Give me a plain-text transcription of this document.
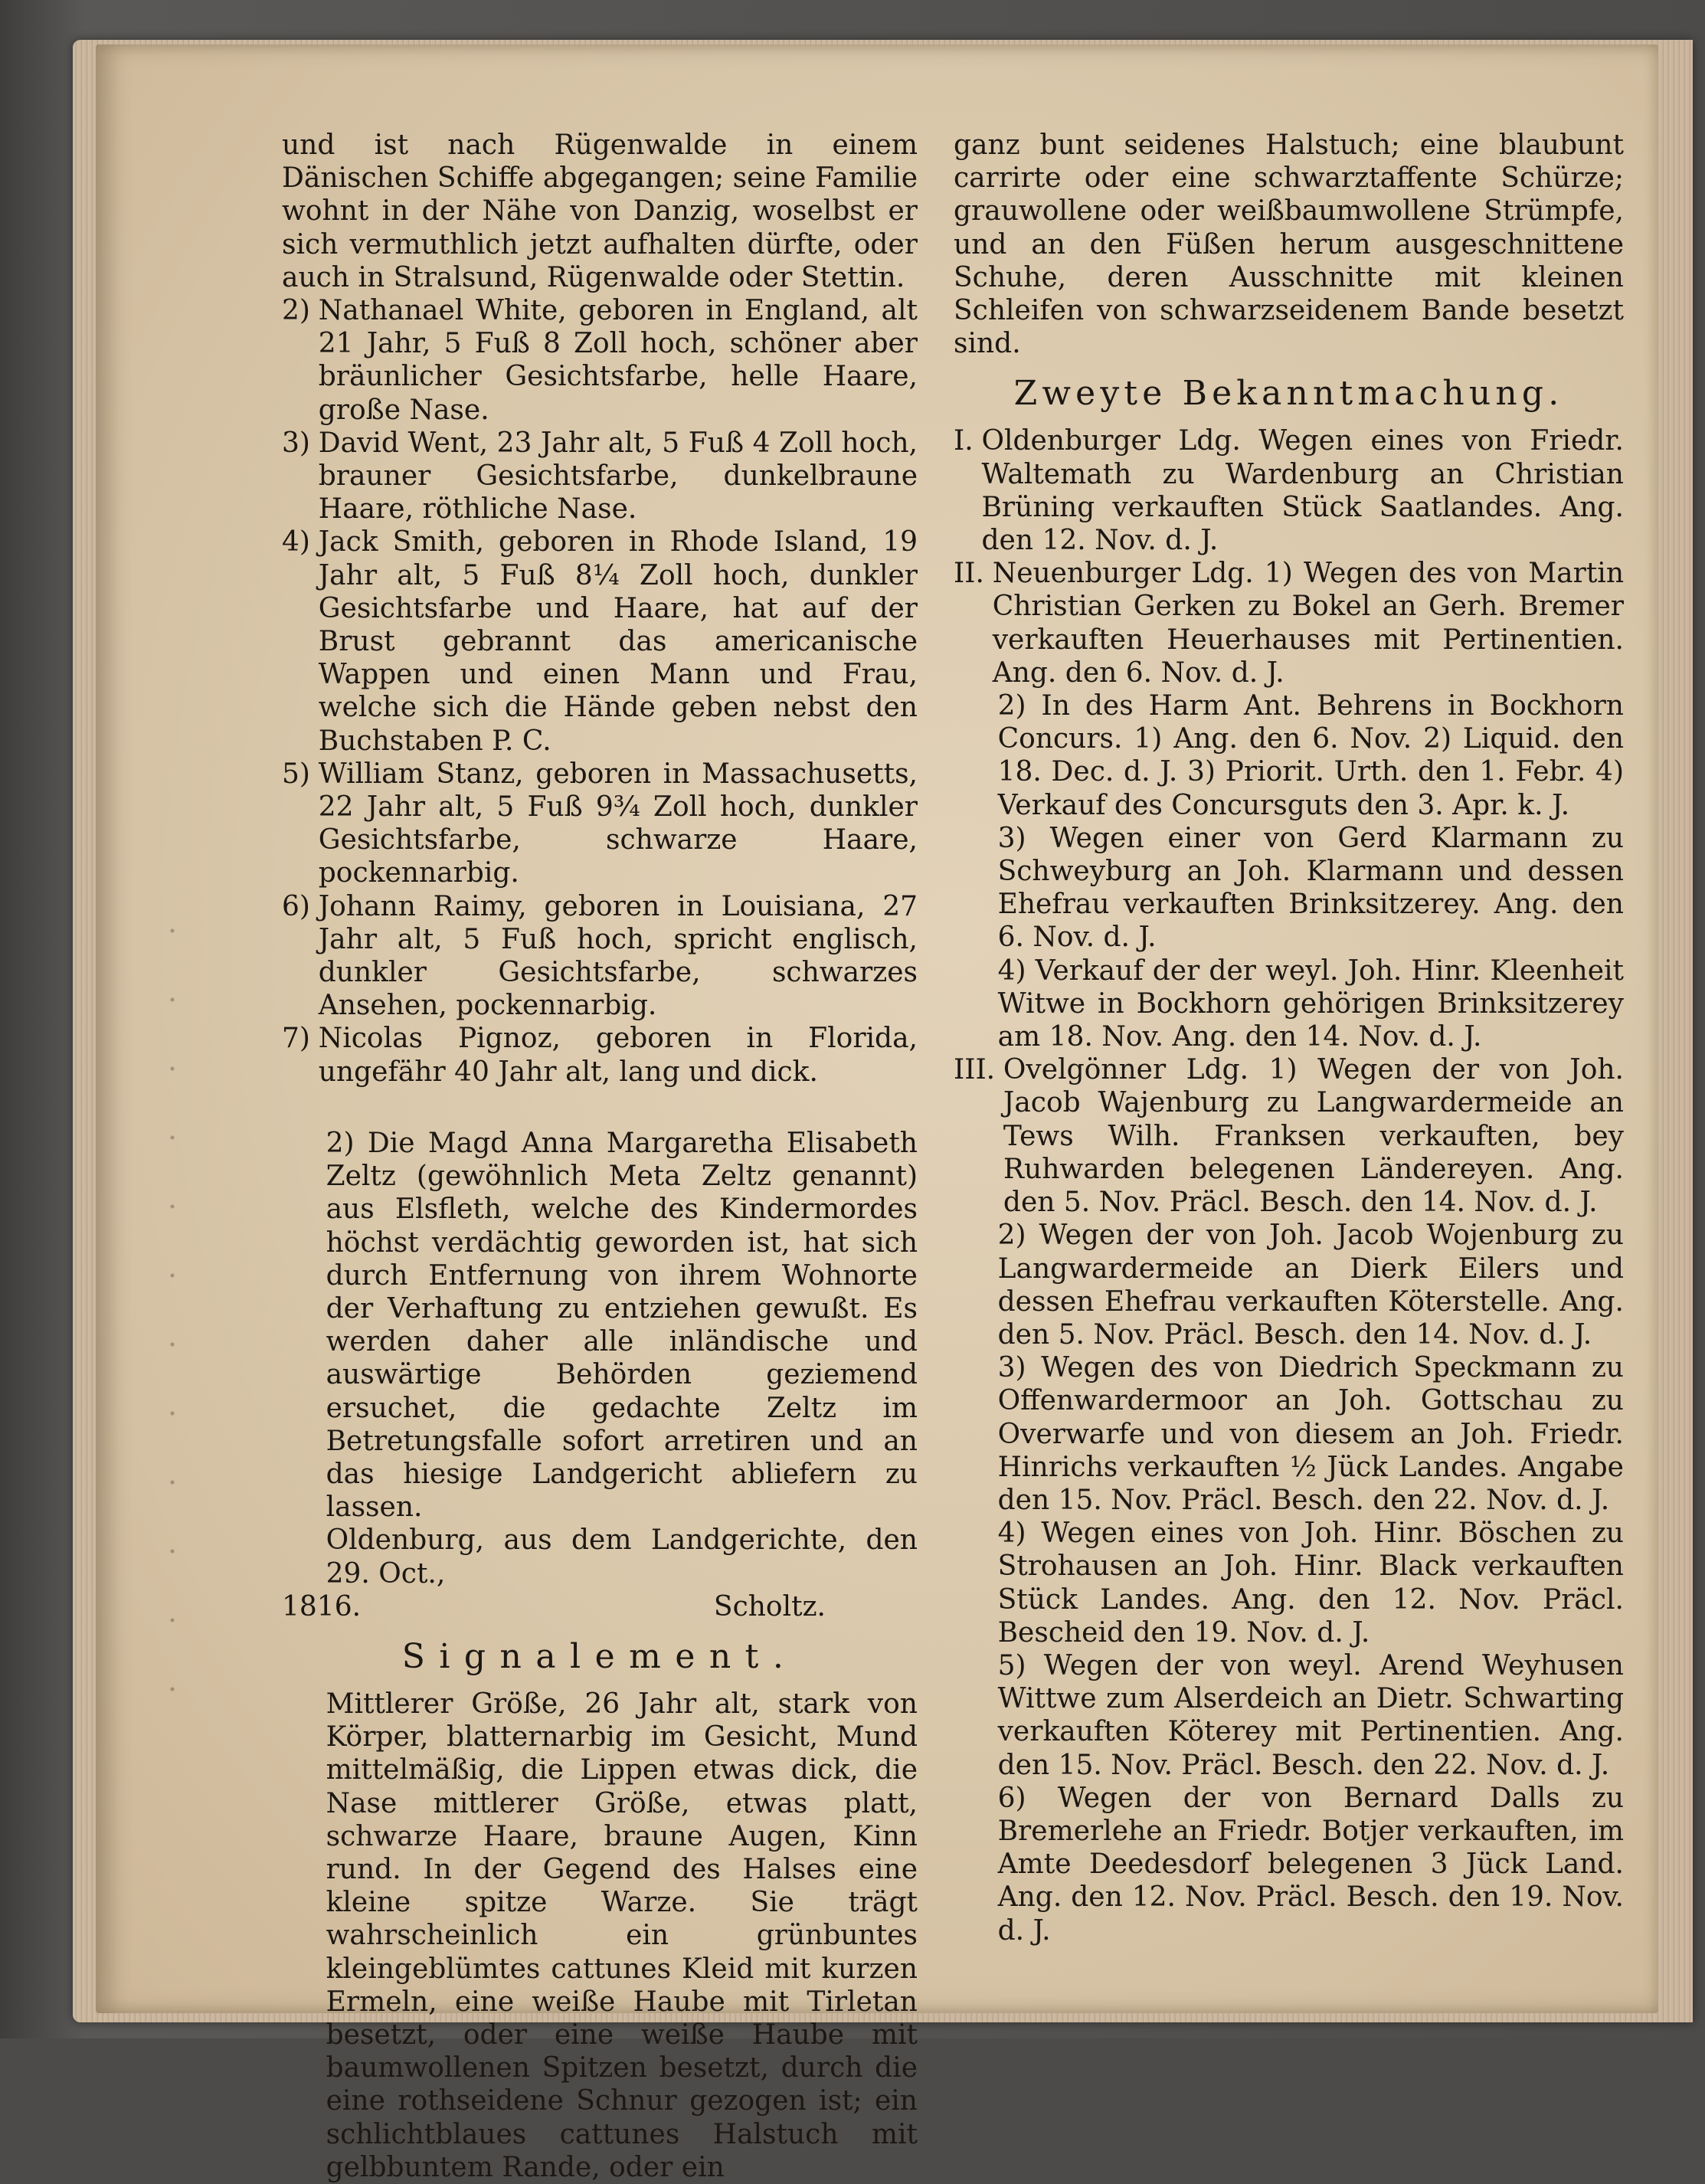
und ist nach Rügenwalde in einem Dänischen Schiffe abgegangen; seine Familie wohnt in der Nähe von Danzig, woselbst er sich vermuthlich jetzt aufhalten dürfte, oder auch in Stralsund, Rügenwalde oder Stettin.

2) Nathanael White, geboren in England, alt 21 Jahr, 5 Fuß 8 Zoll hoch, schöner aber bräunlicher Gesichtsfarbe, helle Haare, große Nase.
3) David Went, 23 Jahr alt, 5 Fuß 4 Zoll hoch, brauner Gesichtsfarbe, dunkelbraune Haare, röthliche Nase.
4) Jack Smith, geboren in Rhode Island, 19 Jahr alt, 5 Fuß 8¼ Zoll hoch, dunkler Gesichtsfarbe und Haare, hat auf der Brust gebrannt das americanische Wappen und einen Mann und Frau, welche sich die Hände geben nebst den Buchstaben P. C.
5) William Stanz, geboren in Massachusetts, 22 Jahr alt, 5 Fuß 9¾ Zoll hoch, dunkler Gesichtsfarbe, schwarze Haare, pockennarbig.
6) Johann Raimy, geboren in Louisiana, 27 Jahr alt, 5 Fuß hoch, spricht englisch, dunkler Gesichtsfarbe, schwarzes Ansehen, pockennarbig.
7) Nicolas Pignoz, geboren in Florida, ungefähr 40 Jahr alt, lang und dick.

2) Die Magd Anna Margaretha Elisabeth Zeltz (gewöhnlich Meta Zeltz genannt) aus Elsfleth, welche des Kindermordes höchst verdächtig geworden ist, hat sich durch Entfernung von ihrem Wohnorte der Verhaftung zu entziehen gewußt. Es werden daher alle inländische und auswärtige Behörden geziemend ersuchet, die gedachte Zeltz im Betretungsfalle sofort arretiren und an das hiesige Landgericht abliefern zu lassen.

Oldenburg, aus dem Landgerichte, den 29. Oct.,

1816.	Scholtz.
Signalement.

Mittlerer Größe, 26 Jahr alt, stark von Körper, blatternarbig im Gesicht, Mund mittelmäßig, die Lippen etwas dick, die Nase mittlerer Größe, etwas platt, schwarze Haare, braune Augen, Kinn rund. In der Gegend des Halses eine kleine spitze Warze. Sie trägt wahrscheinlich ein grünbuntes kleingeblümtes cattunes Kleid mit kurzen Ermeln, eine weiße Haube mit Tirletan besetzt, oder eine weiße Haube mit baumwollenen Spitzen besetzt, durch die eine rothseidene Schnur gezogen ist; ein schlichtblaues cattunes Halstuch mit gelbbuntem Rande, oder ein

ganz bunt seidenes Halstuch; eine blaubunt carrirte oder eine schwarztaffente Schürze; grauwollene oder weißbaumwollene Strümpfe, und an den Füßen herum ausgeschnittene Schuhe, deren Ausschnitte mit kleinen Schleifen von schwarzseidenem Bande besetzt sind.

Zweyte Bekanntmachung.
I. Oldenburger Ldg. Wegen eines von Friedr. Waltemath zu Wardenburg an Christian Brüning verkauften Stück Saatlandes. Ang. den 12. Nov. d. J.
II. Neuenburger Ldg. 1) Wegen des von Martin Christian Gerken zu Bokel an Gerh. Bremer verkauften Heuerhauses mit Pertinentien. Ang. den 6. Nov. d. J.

2) In des Harm Ant. Behrens in Bockhorn Concurs. 1) Ang. den 6. Nov. 2) Liquid. den 18. Dec. d. J. 3) Priorit. Urth. den 1. Febr. 4) Verkauf des Concursguts den 3. Apr. k. J.

3) Wegen einer von Gerd Klarmann zu Schweyburg an Joh. Klarmann und dessen Ehefrau verkauften Brinksitzerey. Ang. den 6. Nov. d. J.

4) Verkauf der der weyl. Joh. Hinr. Kleenheit Witwe in Bockhorn gehörigen Brinksitzerey am 18. Nov. Ang. den 14. Nov. d. J.

III. Ovelgönner Ldg. 1) Wegen der von Joh. Jacob Wajenburg zu Langwardermeide an Tews Wilh. Franksen verkauften, bey Ruhwarden belegenen Ländereyen. Ang. den 5. Nov. Präcl. Besch. den 14. Nov. d. J.

2) Wegen der von Joh. Jacob Wojenburg zu Langwardermeide an Dierk Eilers und dessen Ehefrau verkauften Köterstelle. Ang. den 5. Nov. Präcl. Besch. den 14. Nov. d. J.

3) Wegen des von Diedrich Speckmann zu Offenwardermoor an Joh. Gottschau zu Overwarfe und von diesem an Joh. Friedr. Hinrichs verkauften ½ Jück Landes. Angabe den 15. Nov. Präcl. Besch. den 22. Nov. d. J.

4) Wegen eines von Joh. Hinr. Böschen zu Strohausen an Joh. Hinr. Black verkauften Stück Landes. Ang. den 12. Nov. Präcl. Bescheid den 19. Nov. d. J.

5) Wegen der von weyl. Arend Weyhusen Wittwe zum Alserdeich an Dietr. Schwarting verkauften Köterey mit Pertinentien. Ang. den 15. Nov. Präcl. Besch. den 22. Nov. d. J.

6) Wegen der von Bernard Dalls zu Bremerlehe an Friedr. Botjer verkauften, im Amte Deedesdorf belegenen 3 Jück Land. Ang. den 12. Nov. Präcl. Besch. den 19. Nov. d. J.
